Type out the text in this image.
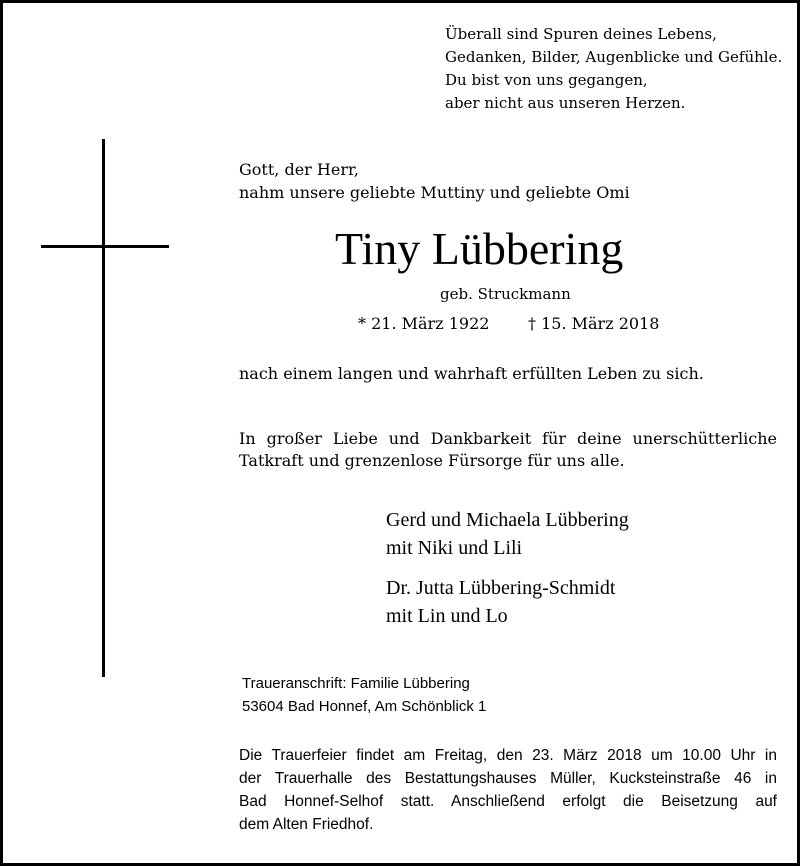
Überall sind Spuren deines Lebens,
Gedanken, Bilder, Augenblicke und Gefühle.
Du bist von uns gegangen,
aber nicht aus unseren Herzen.
Gott, der Herr,
nahm unsere geliebte Muttiny und geliebte Omi
Tiny Lübbering
geb. Struckmann
* 21. März 1922 † 15. März 2018
nach einem langen und wahrhaft erfüllten Leben zu sich.
In großer Liebe und Dankbarkeit für deine unerschütterliche
Tatkraft und grenzenlose Fürsorge für uns alle.
Gerd und Michaela Lübbering
mit Niki und Lili
Dr. Jutta Lübbering-Schmidt
mit Lin und Lo
Traueranschrift: Familie Lübbering
53604 Bad Honnef, Am Schönblick 1
Die Trauerfeier findet am Freitag, den 23. März 2018 um 10.00 Uhr in
der Trauerhalle des Bestattungshauses Müller, Kucksteinstraße 46 in
Bad Honnef-Selhof statt. Anschließend erfolgt die Beisetzung auf
dem Alten Friedhof.
